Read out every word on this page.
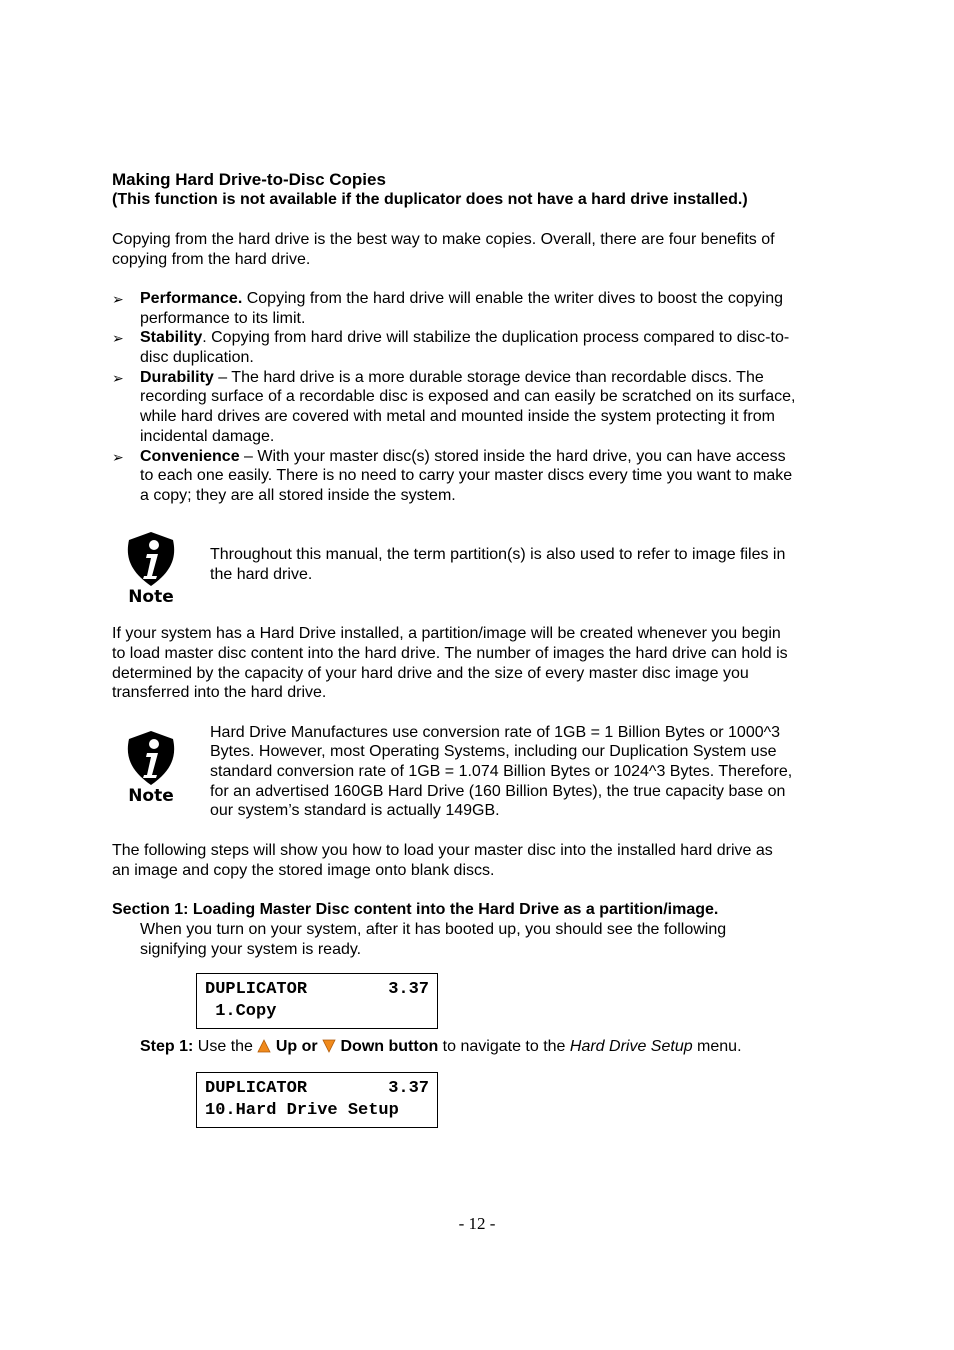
Making Hard Drive-to-Disc Copies
(This function is not available if the duplicator does not have a hard drive installed.)
Copying from the hard drive is the best way to make copies. Overall, there are four benefits of
copying from the hard drive.
➢ Performance. Copying from the hard drive will enable the writer dives to boost the copying
performance to its limit.
➢ Stability. Copying from hard drive will stabilize the duplication process compared to disc-to-
disc duplication.
➢ Durability – The hard drive is a more durable storage device than recordable discs. The
recording surface of a recordable disc is exposed and can easily be scratched on its surface,
while hard drives are covered with metal and mounted inside the system protecting it from
incidental damage.
➢ Convenience – With your master disc(s) stored inside the hard drive, you can have access
to each one easily. There is no need to carry your master discs every time you want to make
a copy; they are all stored inside the system.
Note
Throughout this manual, the term partition(s) is also used to refer to image files in
the hard drive.
If your system has a Hard Drive installed, a partition/image will be created whenever you begin
to load master disc content into the hard drive. The number of images the hard drive can hold is
determined by the capacity of your hard drive and the size of every master disc image you
transferred into the hard drive.
Note
Hard Drive Manufactures use conversion rate of 1GB = 1 Billion Bytes or 1000^3
Bytes. However, most Operating Systems, including our Duplication System use
standard conversion rate of 1GB = 1.074 Billion Bytes or 1024^3 Bytes. Therefore,
for an advertised 160GB Hard Drive (160 Billion Bytes), the true capacity base on
our system’s standard is actually 149GB.
The following steps will show you how to load your master disc into the installed hard drive as
an image and copy the stored image onto blank discs.
Section 1: Loading Master Disc content into the Hard Drive as a partition/image.
When you turn on your system, after it has booted up, you should see the following
signifying your system is ready.
DUPLICATOR	3.37
1.Copy
Step 1: Use the  Up or  Down button to navigate to the Hard Drive Setup menu.
DUPLICATOR	3.37
10.Hard Drive Setup
- 12 -
